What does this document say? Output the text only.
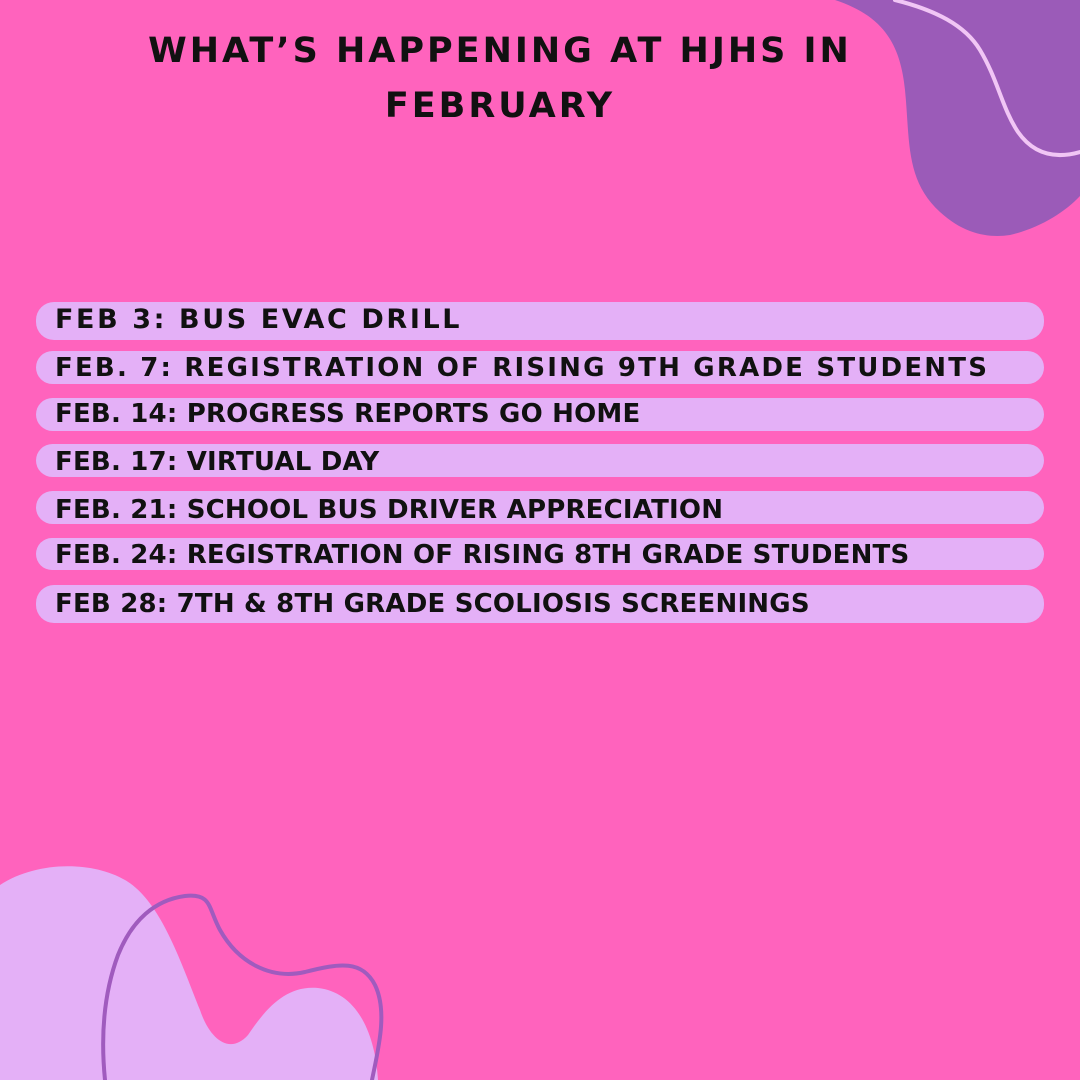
WHAT’S HAPPENING AT HJHS IN
FEBRUARY
FEB 3: BUS EVAC DRILL
FEB. 7: REGISTRATION OF RISING 9TH GRADE STUDENTS
FEB. 14: PROGRESS REPORTS GO HOME
FEB. 17: VIRTUAL DAY
FEB. 21: SCHOOL BUS DRIVER APPRECIATION
FEB. 24: REGISTRATION OF RISING 8TH GRADE STUDENTS
FEB 28: 7TH & 8TH GRADE SCOLIOSIS SCREENINGS
